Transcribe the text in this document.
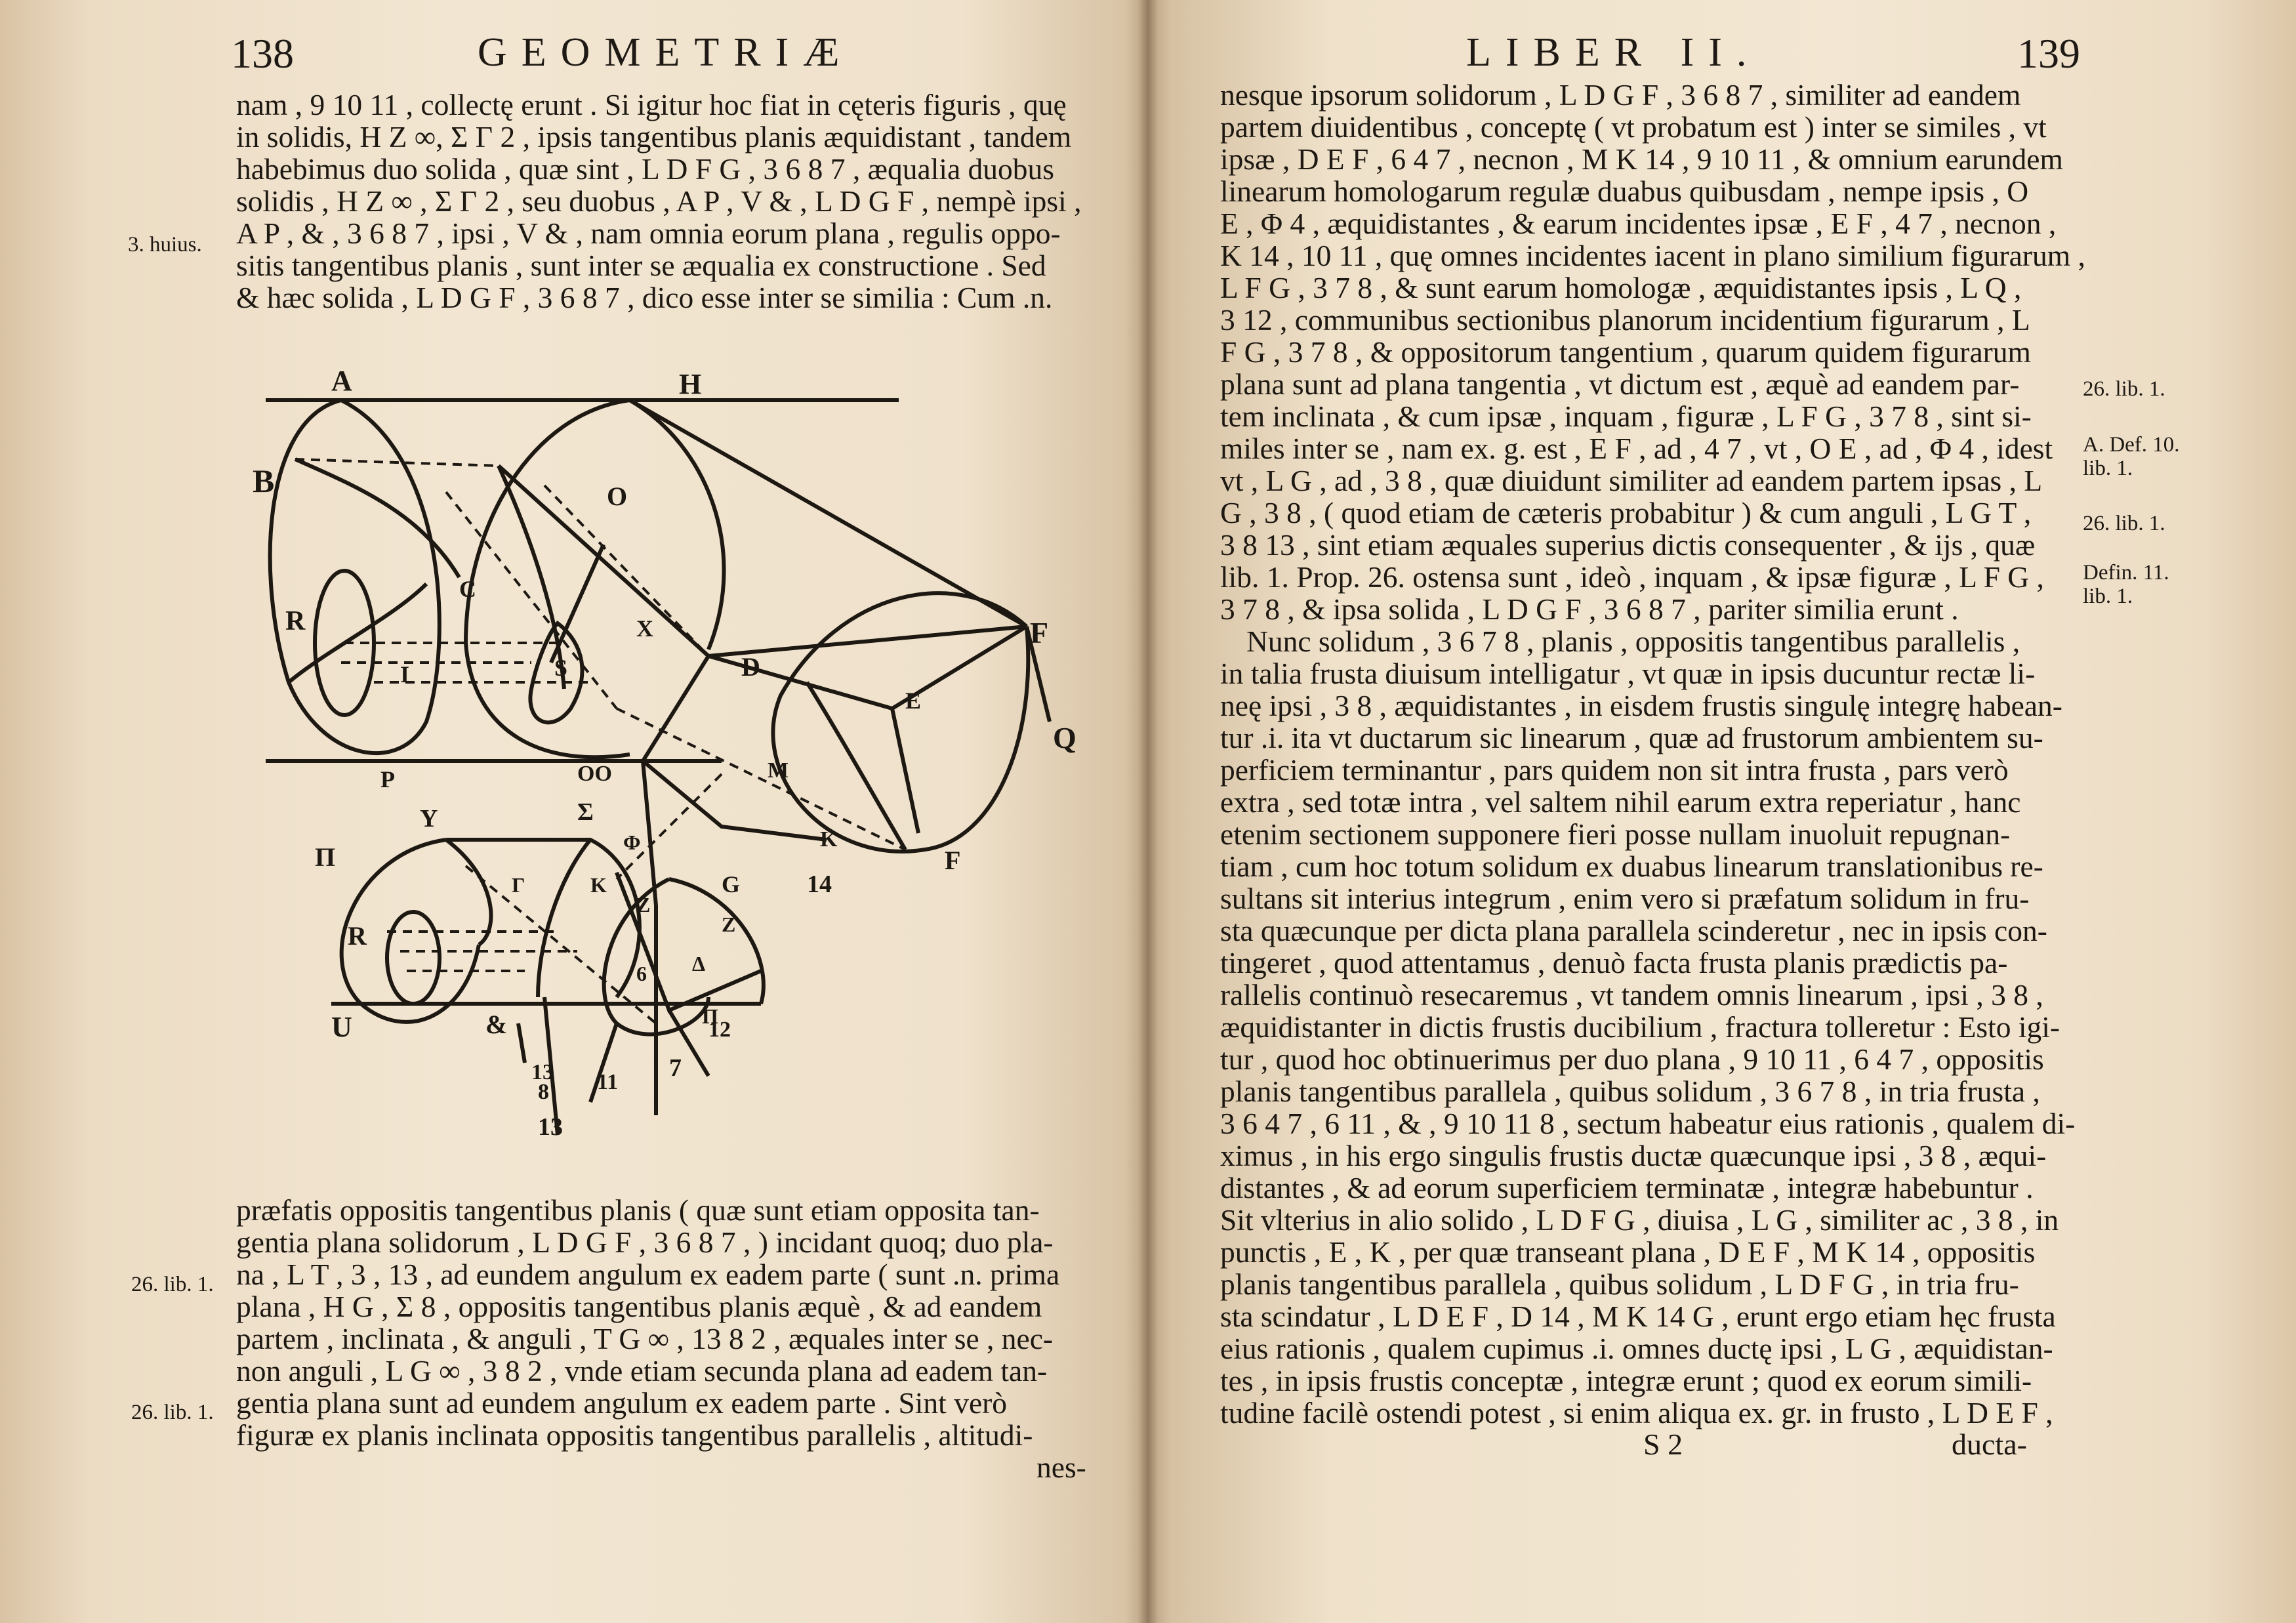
138	GEOMETRIÆ
nam , 9 10 11 , collectę erunt . Si igitur hoc fiat in cęteris figuris , quę
in solidis, H Z ∞, Σ Γ 2 , ipsis tangentibus planis æquidistant , tandem
habebimus duo solida , quæ sint , L D F G , 3 6 8 7 , æqualia duobus
solidis , H Z ∞ , Σ Γ 2 , seu duobus , A P , V & , L D G F , nempè ipsi ,
A P , & , 3 6 8 7 , ipsi , V & , nam omnia eorum plana , regulis oppo-
sitis tangentibus planis , sunt inter se æqualia ex constructione . Sed
& hæc solida , L D G F , 3 6 8 7 , dico esse inter se similia : Cum .n.
3. huius.
A	H
B	O
C
R
I	S
X
D
F
E
P	OO	M
Q
Y	Σ
Φ
Γ	K
Π
R
Z
K
G	14
F
6
Z
Δ
Π
U	&
13
8 11
7
12
13
præfatis oppositis tangentibus planis ( quæ sunt etiam opposita tan-
gentia plana solidorum , L D G F , 3 6 8 7 , ) incidant quoq; duo pla-
na , L T , 3 , 13 , ad eundem angulum ex eadem parte ( sunt .n. prima
plana , H G , Σ 8 , oppositis tangentibus planis æquè , & ad eandem
partem , inclinata , & anguli , T G ∞ , 13 8 2 , æquales inter se , nec-
non anguli , L G ∞ , 3 8 2 , vnde etiam secunda plana ad eadem tan-
gentia plana sunt ad eundem angulum ex eadem parte . Sint verò
figuræ ex planis inclinata oppositis tangentibus parallelis , altitudi-
nes-
26. lib. 1.
26. lib. 1.
LIBER II.	139
nesque ipsorum solidorum , L D G F , 3 6 8 7 , similiter ad eandem
partem diuidentibus , conceptę ( vt probatum est ) inter se similes , vt
ipsæ , D E F , 6 4 7 , necnon , M K 14 , 9 10 11 , & omnium earundem
linearum homologarum regulæ duabus quibusdam , nempe ipsis , O
E , Φ 4 , æquidistantes , & earum incidentes ipsæ , E F , 4 7 , necnon ,
K 14 , 10 11 , quę omnes incidentes iacent in plano similium figurarum ,
L F G , 3 7 8 , & sunt earum homologæ , æquidistantes ipsis , L Q ,
3 12 , communibus sectionibus planorum incidentium figurarum , L
F G , 3 7 8 , & oppositorum tangentium , quarum quidem figurarum
plana sunt ad plana tangentia , vt dictum est , æquè ad eandem par-
tem inclinata , & cum ipsæ , inquam , figuræ , L F G , 3 7 8 , sint si-
miles inter se , nam ex. g. est , E F , ad , 4 7 , vt , O E , ad , Φ 4 , idest
vt , L G , ad , 3 8 , quæ diuidunt similiter ad eandem partem ipsas , L
G , 3 8 , ( quod etiam de cæteris probabitur ) & cum anguli , L G T ,
3 8 13 , sint etiam æquales superius dictis consequenter , & ijs , quæ
lib. 1. Prop. 26. ostensa sunt , ideò , inquam , & ipsæ figuræ , L F G ,
3 7 8 , & ipsa solida , L D G F , 3 6 8 7 , pariter similia erunt .
Nunc solidum , 3 6 7 8 , planis , oppositis tangentibus parallelis ,
in talia frusta diuisum intelligatur , vt quæ in ipsis ducuntur rectæ li-
neę ipsi , 3 8 , æquidistantes , in eisdem frustis singulę integrę habean-
tur .i. ita vt ductarum sic linearum , quæ ad frustorum ambientem su-
perficiem terminantur , pars quidem non sit intra frusta , pars verò
extra , sed totæ intra , vel saltem nihil earum extra reperiatur , hanc
etenim sectionem supponere fieri posse nullam inuoluit repugnan-
tiam , cum hoc totum solidum ex duabus linearum translationibus re-
sultans sit interius integrum , enim vero si præfatum solidum in fru-
sta quæcunque per dicta plana parallela scinderetur , nec in ipsis con-
tingeret , quod attentamus , denuò facta frusta planis prædictis pa-
rallelis continuò resecaremus , vt tandem omnis linearum , ipsi , 3 8 ,
æquidistanter in dictis frustis ducibilium , fractura tolleretur : Esto igi-
tur , quod hoc obtinuerimus per duo plana , 9 10 11 , 6 4 7 , oppositis
planis tangentibus parallela , quibus solidum , 3 6 7 8 , in tria frusta ,
3 6 4 7 , 6 11 , & , 9 10 11 8 , sectum habeatur eius rationis , qualem di-
ximus , in his ergo singulis frustis ductæ quæcunque ipsi , 3 8 , æqui-
distantes , & ad eorum superficiem terminatæ , integræ habebuntur .
Sit vlterius in alio solido , L D F G , diuisa , L G , similiter ac , 3 8 , in
punctis , E , K , per quæ transeant plana , D E F , M K 14 , oppositis
planis tangentibus parallela , quibus solidum , L D F G , in tria fru-
sta scindatur , L D E F , D 14 , M K 14 G , erunt ergo etiam hęc frusta
eius rationis , qualem cupimus .i. omnes ductę ipsi , L G , æquidistan-
tes , in ipsis frustis conceptæ , integræ erunt ; quod ex eorum simili-
tudine facilè ostendi potest , si enim aliqua ex. gr. in frusto , L D E F ,
S 2	ducta-
26. lib. 1.
A. Def. 10.
lib. 1.
26. lib. 1.
Defin. 11.
lib. 1.
